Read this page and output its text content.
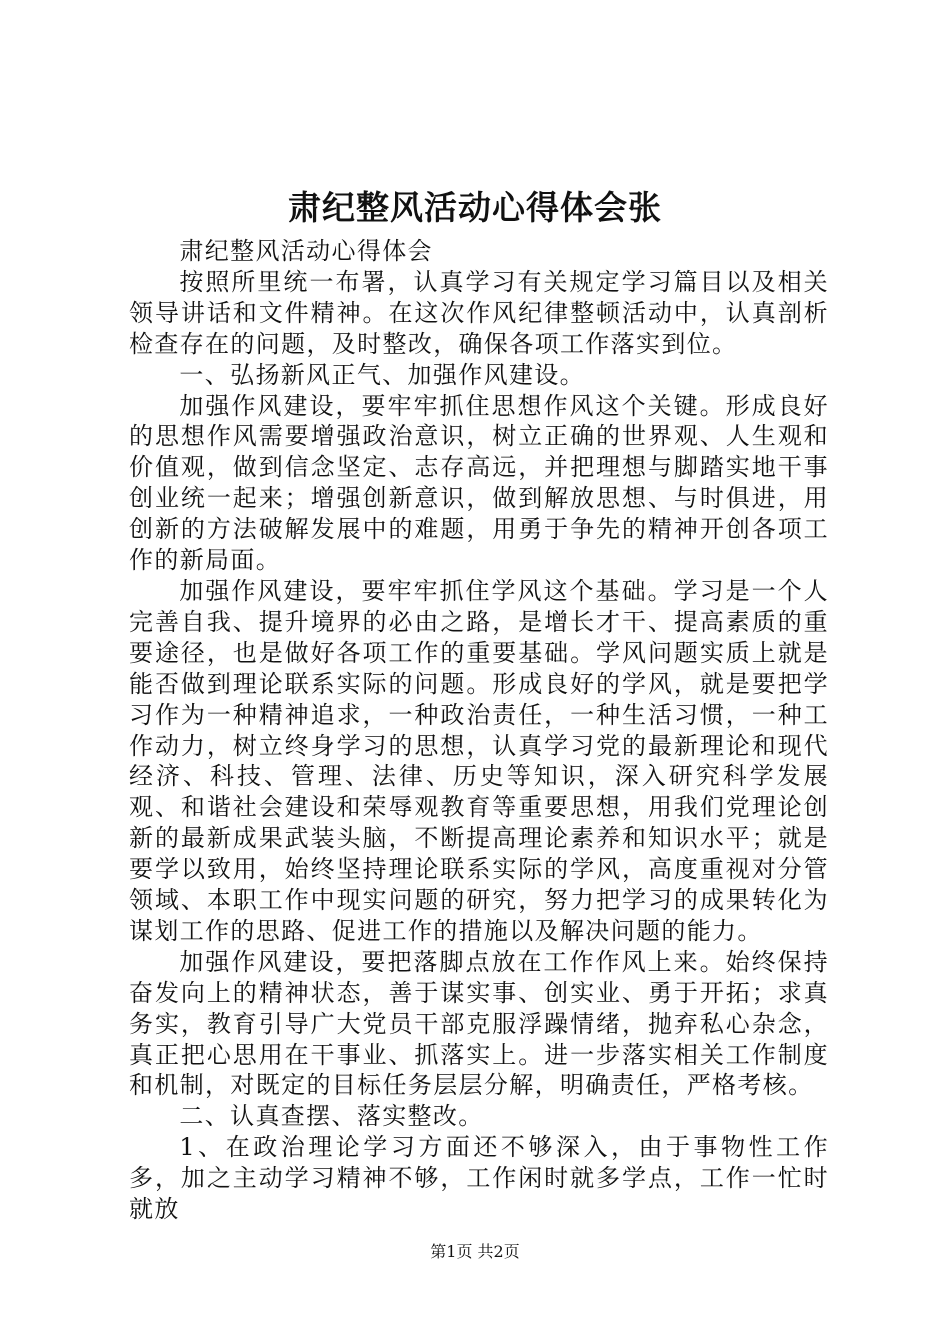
肃纪整风活动心得体会张

肃纪整风活动心得体会

按照所里统一布署，认真学习有关规定学习篇目以及相关领导讲话和文件精神。在这次作风纪律整顿活动中，认真剖析检查存在的问题，及时整改，确保各项工作落实到位。

一、弘扬新风正气、加强作风建设。

加强作风建设，要牢牢抓住思想作风这个关键。形成良好的思想作风需要增强政治意识，树立正确的世界观、人生观和价值观，做到信念坚定、志存高远，并把理想与脚踏实地干事创业统一起来；增强创新意识，做到解放思想、与时俱进，用创新的方法破解发展中的难题，用勇于争先的精神开创各项工作的新局面。

加强作风建设，要牢牢抓住学风这个基础。学习是一个人完善自我、提升境界的必由之路，是增长才干、提高素质的重要途径，也是做好各项工作的重要基础。学风问题实质上就是能否做到理论联系实际的问题。形成良好的学风，就是要把学习作为一种精神追求，一种政治责任，一种生活习惯，一种工作动力，树立终身学习的思想，认真学习党的最新理论和现代经济、科技、管理、法律、历史等知识，深入研究科学发展观、和谐社会建设和荣辱观教育等重要思想，用我们党理论创新的最新成果武装头脑，不断提高理论素养和知识水平；就是要学以致用，始终坚持理论联系实际的学风，高度重视对分管领域、本职工作中现实问题的研究，努力把学习的成果转化为谋划工作的思路、促进工作的措施以及解决问题的能力。

加强作风建设，要把落脚点放在工作作风上来。始终保持奋发向上的精神状态，善于谋实事、创实业、勇于开拓；求真务实，教育引导广大党员干部克服浮躁情绪，抛弃私心杂念，真正把心思用在干事业、抓落实上。进一步落实相关工作制度和机制，对既定的目标任务层层分解，明确责任，严格考核。

二、认真查摆、落实整改。

1、在政治理论学习方面还不够深入，由于事物性工作多，加之主动学习精神不够，工作闲时就多学点，工作一忙时就放

第1页 共2页
